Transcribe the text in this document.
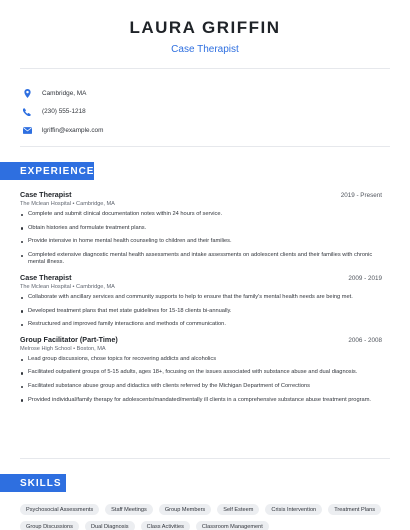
LAURA GRIFFIN
Case Therapist
Cambridge, MA
(230) 555-1218
lgriffin@example.com
EXPERIENCE
Case Therapist	2019 - Present
The Mclean Hospital • Cambridge, MA
Complete and submit clinical documentation notes within 24 hours of service.
Obtain histories and formulate treatment plans.
Provide intensive in home mental health counseling to children and their families.
Completed extensive diagnostic mental health assessments and intake assessments on adolescent clients and their families with chronic mental illness.
Case Therapist	2009 - 2019
The Mclean Hospital • Cambridge, MA
Collaborate with ancillary services and community supports to help to ensure that the family's mental health needs are being met.
Developed treatment plans that met state guidelines for 15-18 clients bi-annually.
Restructured and improved family interactions and methods of communication.
Group Facilitator (Part-Time)	2006 - 2008
Melrose High School • Boston, MA
Lead group discussions, chose topics for recovering addicts and alcoholics
Facilitated outpatient groups of 5-15 adults, ages 18+, focusing on the issues associated with substance abuse and dual diagnosis.
Facilitated substance abuse group and didactics with clients referred by the Michigan Department of Corrections
Provided individual/family therapy for adolescents/mandated/mentally ill clients in a comprehensive substance abuse treatment program.
SKILLS
Psychosocial Assessments	Staff Meetings	Group Members	Self Esteem	Crisis Intervention	Treatment Plans
Group Discussions	Dual Diagnosis	Class Activities	Classroom Management
